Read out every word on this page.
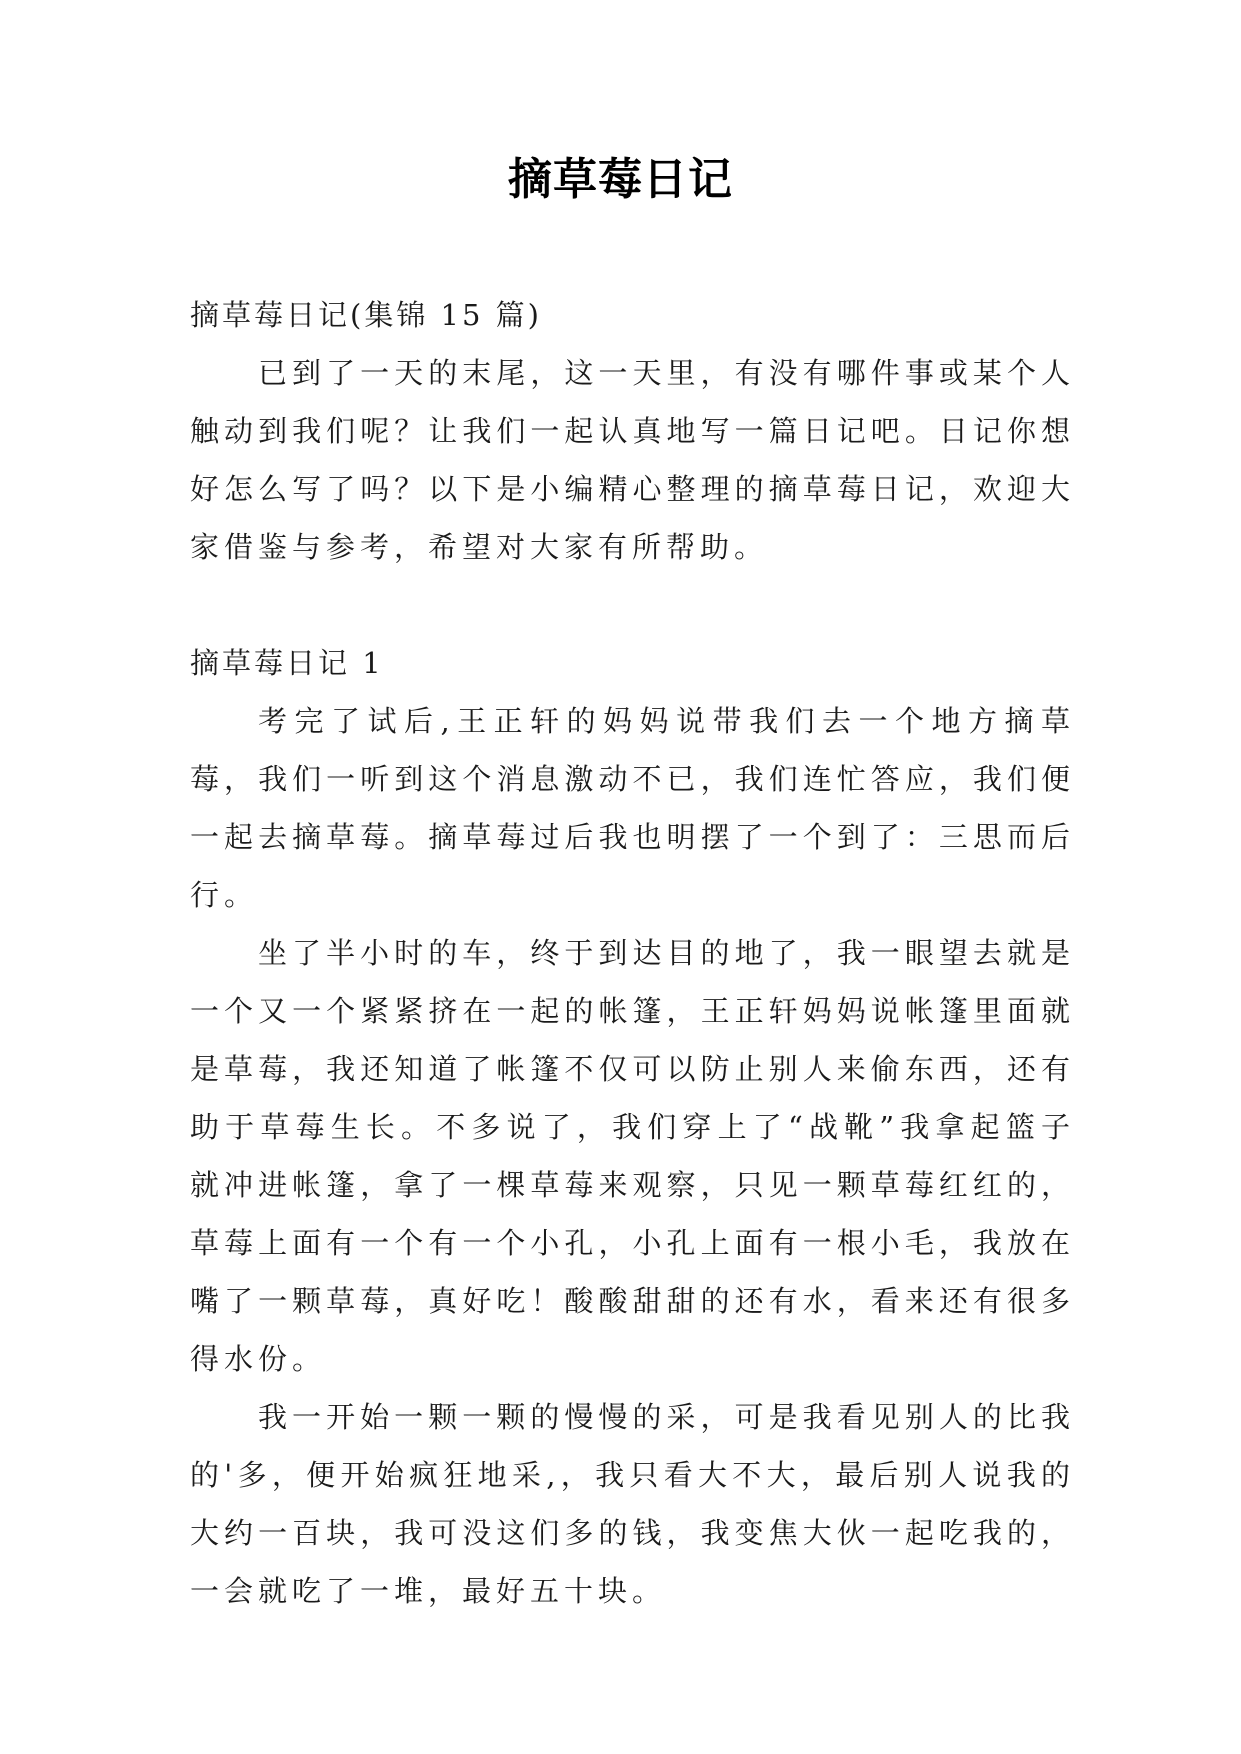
摘草莓日记

摘草莓日记(集锦 15 篇)

已到了一天的末尾，这一天里，有没有哪件事或某个人触动到我们呢？让我们一起认真地写一篇日记吧。日记你想好怎么写了吗？以下是小编精心整理的摘草莓日记，欢迎大家借鉴与参考，希望对大家有所帮助。

摘草莓日记 1

考完了试后,王正轩的妈妈说带我们去一个地方摘草莓，我们一听到这个消息激动不已，我们连忙答应，我们便一起去摘草莓。摘草莓过后我也明摆了一个到了：三思而后行。

坐了半小时的车，终于到达目的地了，我一眼望去就是一个又一个紧紧挤在一起的帐篷，王正轩妈妈说帐篷里面就是草莓，我还知道了帐篷不仅可以防止别人来偷东西，还有助于草莓生长。不多说了，我们穿上了“战靴”我拿起篮子就冲进帐篷，拿了一棵草莓来观察，只见一颗草莓红红的，草莓上面有一个有一个小孔，小孔上面有一根小毛，我放在嘴了一颗草莓，真好吃！酸酸甜甜的还有水，看来还有很多得水份。

我一开始一颗一颗的慢慢的采，可是我看见别人的比我的'多，便开始疯狂地采,，我只看大不大，最后别人说我的大约一百块，我可没这们多的钱，我变焦大伙一起吃我的，一会就吃了一堆，最好五十块。
